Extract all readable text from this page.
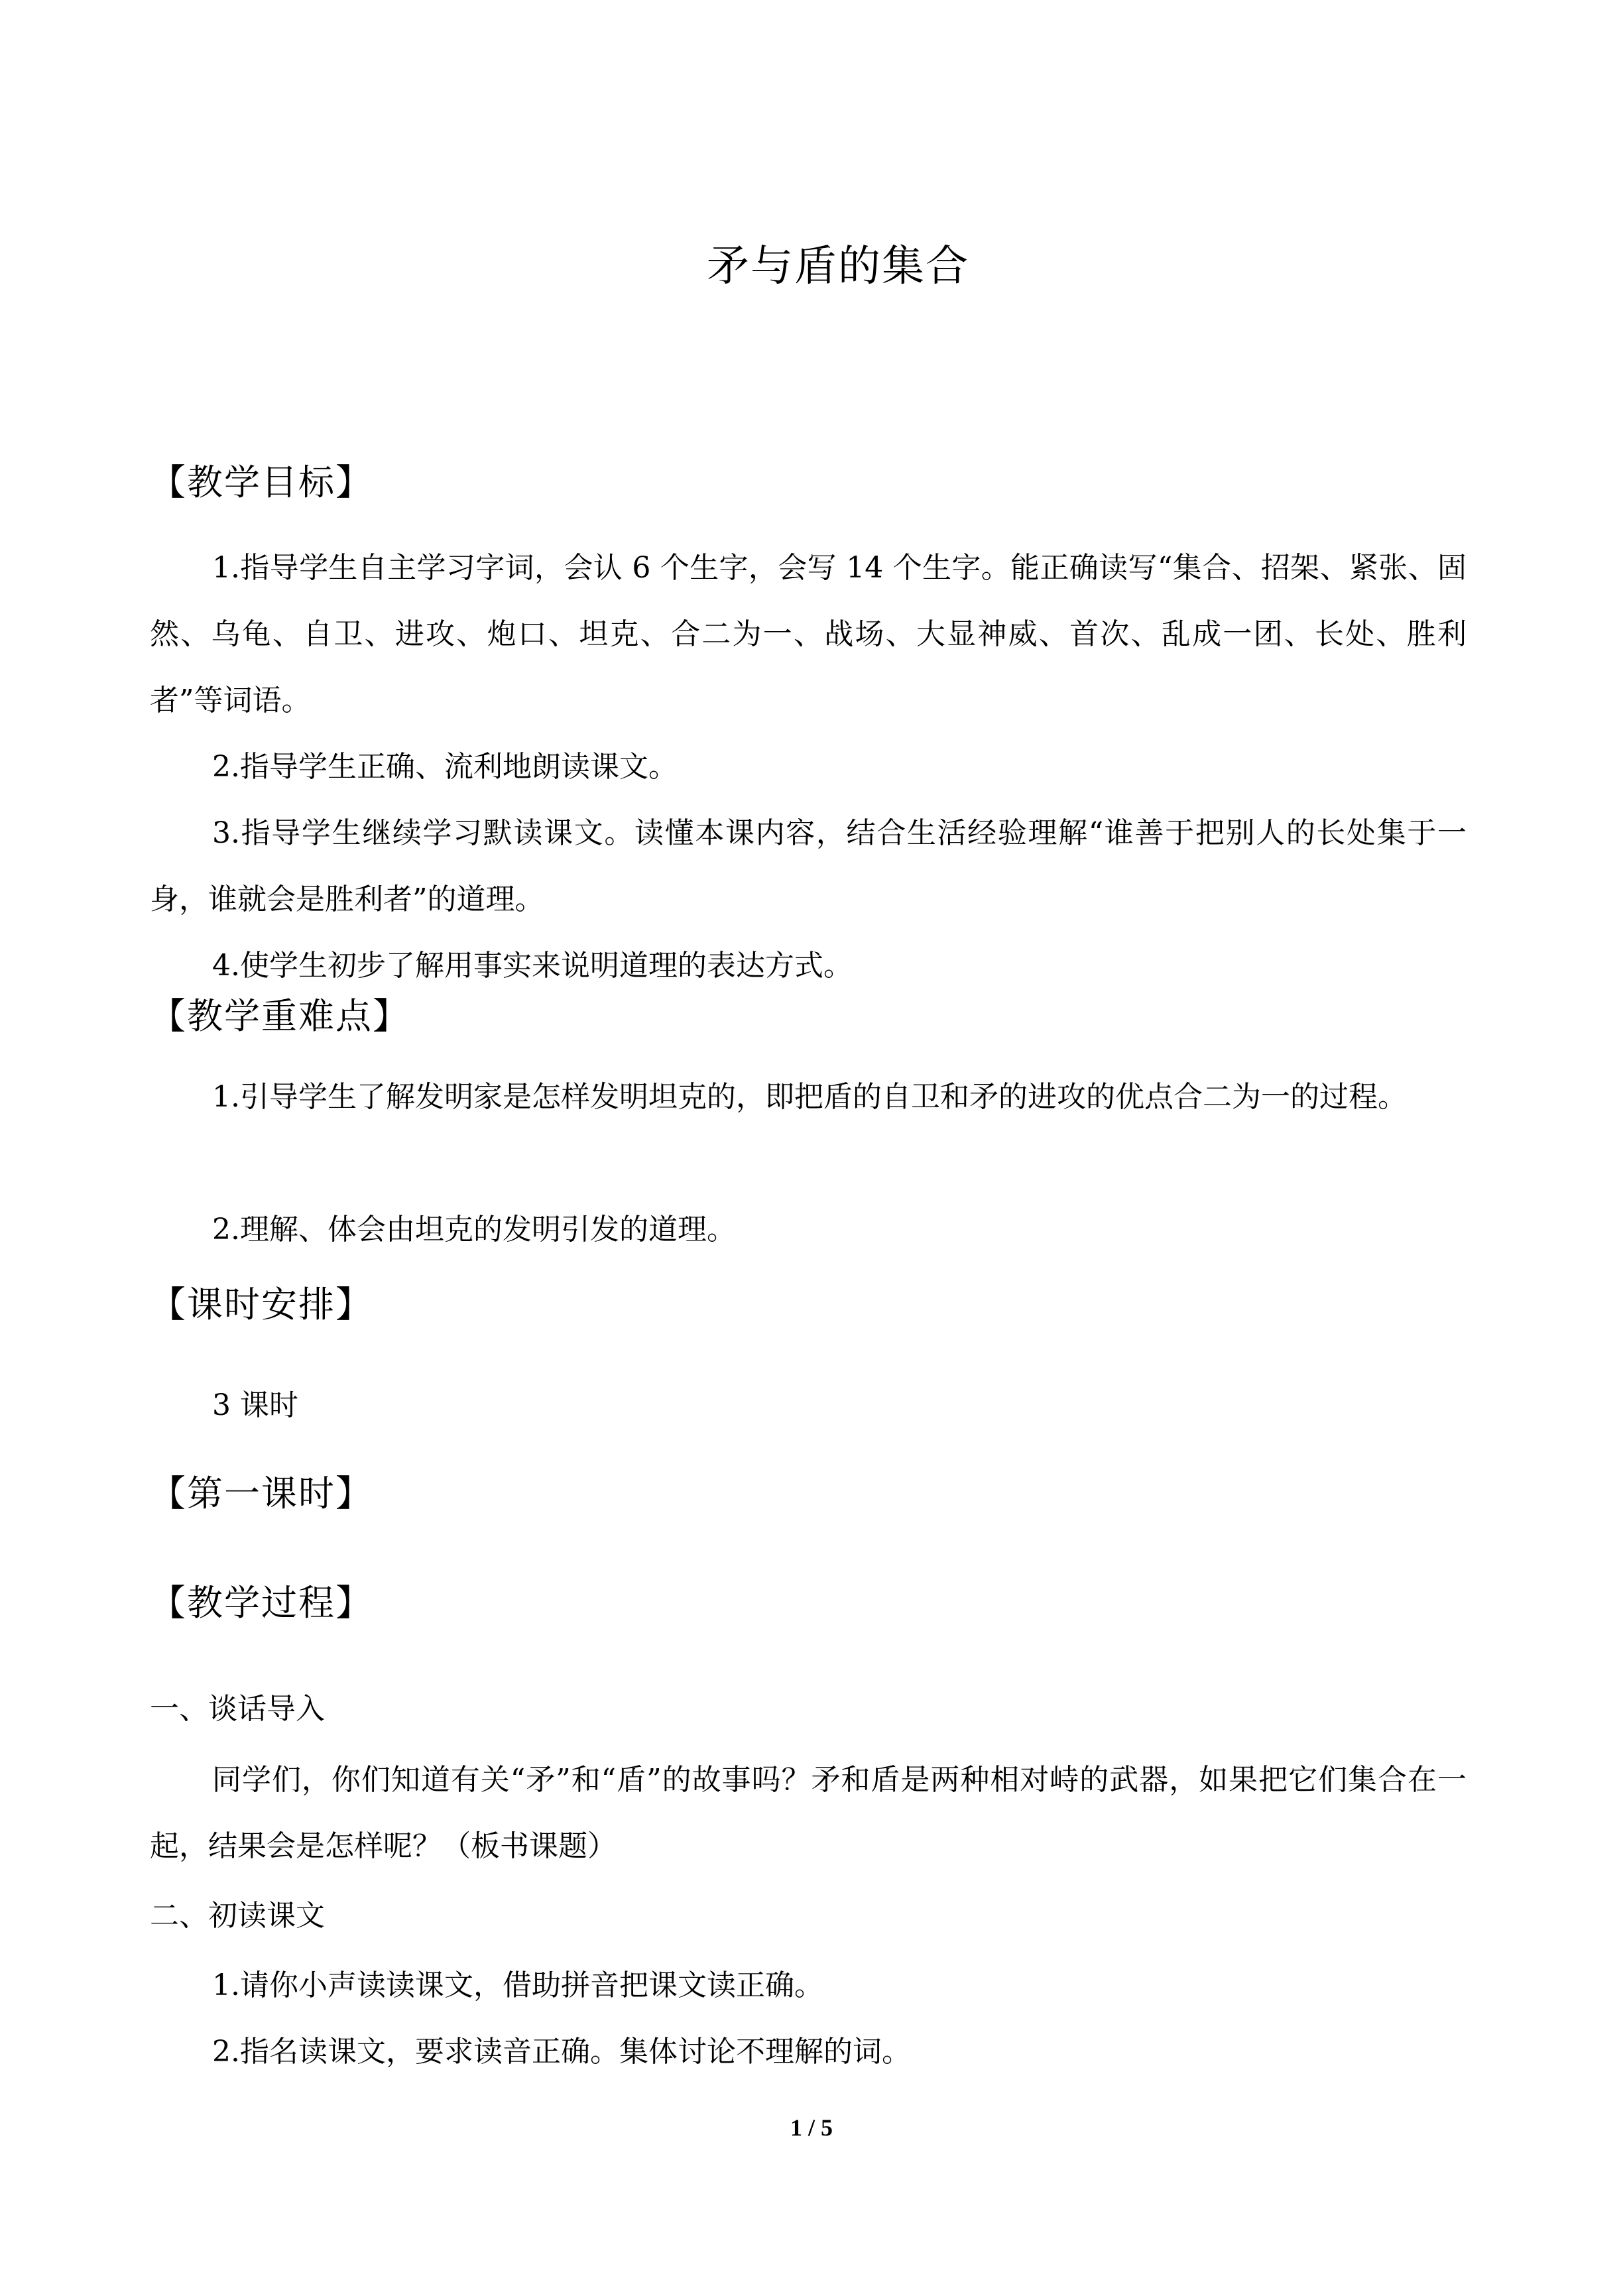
矛与盾的集合
【教学目标】

1.指导学生自主学习字词，会认 6 个生字，会写 14 个生字。能正确读写“集合、招架、紧张、固然、乌龟、自卫、进攻、炮口、坦克、合二为一、战场、大显神威、首次、乱成一团、长处、胜利者”等词语。

2.指导学生正确、流利地朗读课文。

3.指导学生继续学习默读课文。读懂本课内容，结合生活经验理解“谁善于把别人的长处集于一身，谁就会是胜利者”的道理。

4.使学生初步了解用事实来说明道理的表达方式。

【教学重难点】

1.引导学生了解发明家是怎样发明坦克的，即把盾的自卫和矛的进攻的优点合二为一的过程。

2.理解、体会由坦克的发明引发的道理。

【课时安排】

3 课时

【第一课时】
【教学过程】

一、谈话导入

同学们，你们知道有关“矛”和“盾”的故事吗？矛和盾是两种相对峙的武器，如果把它们集合在一起，结果会是怎样呢？（板书课题）

二、初读课文

1.请你小声读读课文，借助拼音把课文读正确。

2.指名读课文，要求读音正确。集体讨论不理解的词。

1 / 5
